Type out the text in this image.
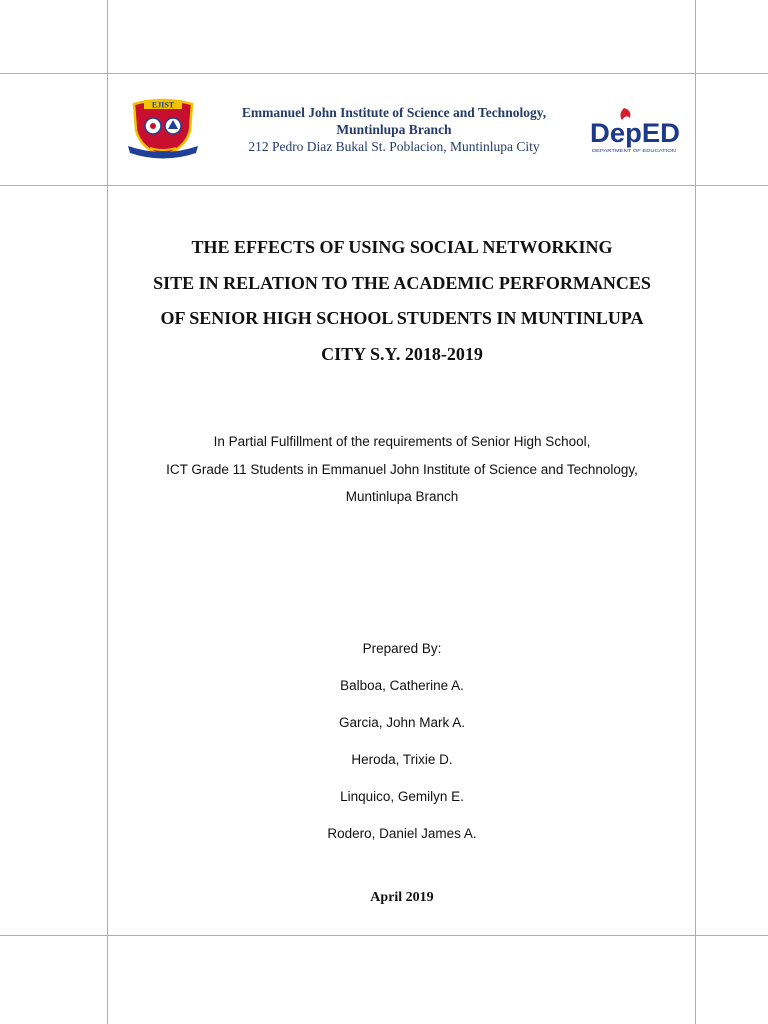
EJIST	Emmanuel John Institute of Science and Technology,
Muntinlupa Branch
212 Pedro Diaz Bukal St. Poblacion, Muntinlupa City	DepED
DEPARTMENT OF EDUCATION
THE EFFECTS OF USING SOCIAL NETWORKING
SITE IN RELATION TO THE ACADEMIC PERFORMANCES
OF SENIOR HIGH SCHOOL STUDENTS IN MUNTINLUPA
CITY S.Y. 2018-2019
In Partial Fulfillment of the requirements of Senior High School,
ICT Grade 11 Students in Emmanuel John Institute of Science and Technology,
Muntinlupa Branch
Prepared By:
Balboa, Catherine A.
Garcia, John Mark A.
Heroda, Trixie D.
Linquico, Gemilyn E.
Rodero, Daniel James A.
April 2019
